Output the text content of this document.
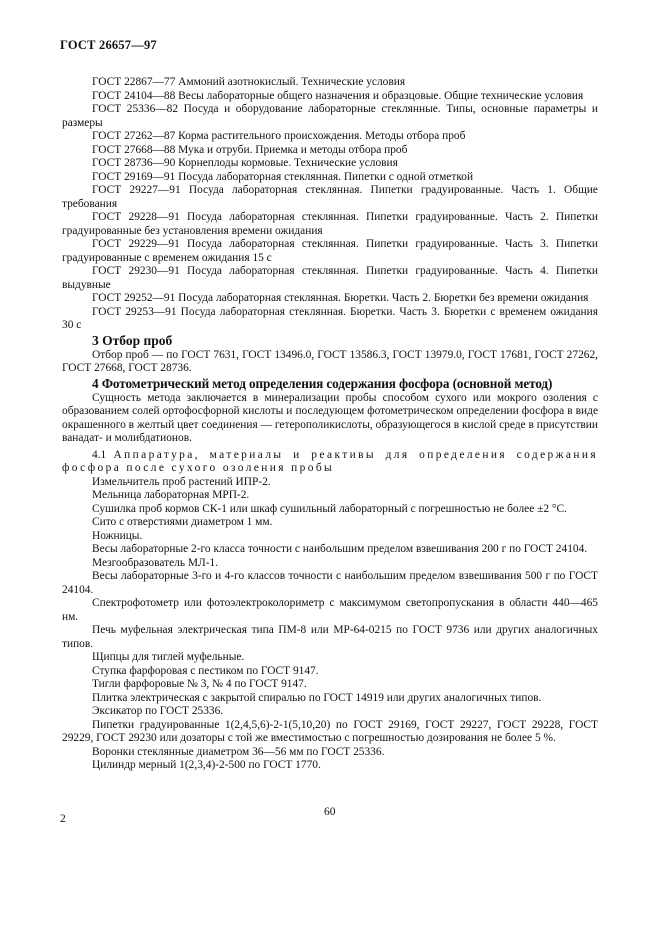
ГОСТ 26657—97

ГОСТ 22867—77 Аммоний азотнокислый. Технические условия

ГОСТ 24104—88 Весы лабораторные общего назначения и образцовые. Общие технические условия

ГОСТ 25336—82 Посуда и оборудование лабораторные стеклянные. Типы, основные параметры и размеры

ГОСТ 27262—87 Корма растительного происхождения. Методы отбора проб

ГОСТ 27668—88 Мука и отруби. Приемка и методы отбора проб

ГОСТ 28736—90 Корнеплоды кормовые. Технические условия

ГОСТ 29169—91 Посуда лабораторная стеклянная. Пипетки с одной отметкой

ГОСТ 29227—91 Посуда лабораторная стеклянная. Пипетки градуированные. Часть 1. Общие требования

ГОСТ 29228—91 Посуда лабораторная стеклянная. Пипетки градуированные. Часть 2. Пипетки градуированные без установления времени ожидания

ГОСТ 29229—91 Посуда лабораторная стеклянная. Пипетки градуированные. Часть 3. Пипетки градуированные с временем ожидания 15 с

ГОСТ 29230—91 Посуда лабораторная стеклянная. Пипетки градуированные. Часть 4. Пипетки выдувные

ГОСТ 29252—91 Посуда лабораторная стеклянная. Бюретки. Часть 2. Бюретки без времени ожидания

ГОСТ 29253—91 Посуда лабораторная стеклянная. Бюретки. Часть 3. Бюретки с временем ожидания 30 с

3 Отбор проб

Отбор проб — по ГОСТ 7631, ГОСТ 13496.0, ГОСТ 13586.3, ГОСТ 13979.0, ГОСТ 17681, ГОСТ 27262, ГОСТ 27668, ГОСТ 28736.

4 Фотометрический метод определения содержания фосфора (основной метод)

Сущность метода заключается в минерализации пробы способом сухого или мокрого озоления с образованием солей ортофосфорной кислоты и последующем фотометрическом определении фосфора в виде окрашенного в желтый цвет соединения — гетерополикислоты, образующегося в кислой среде в присутствии ванадат- и молибдатионов.

4.1 Аппаратура, материалы и реактивы для определения содержания фосфора после сухого озоления пробы

Измельчитель проб растений ИПР-2.

Мельница лабораторная МРП-2.

Сушилка проб кормов СК-1 или шкаф сушильный лабораторный с погрешностью не более ±2 °С.

Сито с отверстиями диаметром 1 мм.

Ножницы.

Весы лабораторные 2-го класса точности с наибольшим пределом взвешивания 200 г по ГОСТ 24104.

Мезгообразователь МЛ-1.

Весы лабораторные 3-го и 4-го классов точности с наибольшим пределом взвешивания 500 г по ГОСТ 24104.

Спектрофотометр или фотоэлектроколориметр с максимумом светопропускания в области 440—465 нм.

Печь муфельная электрическая типа ПМ-8 или МР-64-0215 по ГОСТ 9736 или других аналогичных типов.

Щипцы для тиглей муфельные.

Ступка фарфоровая с пестиком по ГОСТ 9147.

Тигли фарфоровые № 3, № 4 по ГОСТ 9147.

Плитка электрическая с закрытой спиралью по ГОСТ 14919 или других аналогичных типов.

Эксикатор по ГОСТ 25336.

Пипетки градуированные 1(2,4,5,6)-2-1(5,10,20) по ГОСТ 29169, ГОСТ 29227, ГОСТ 29228, ГОСТ 29229, ГОСТ 29230 или дозаторы с той же вместимостью с погрешностью дозирования не более 5 %.

Воронки стеклянные диаметром 36—56 мм по ГОСТ 25336.

Цилиндр мерный 1(2,3,4)-2-500 по ГОСТ 1770.

2
60
